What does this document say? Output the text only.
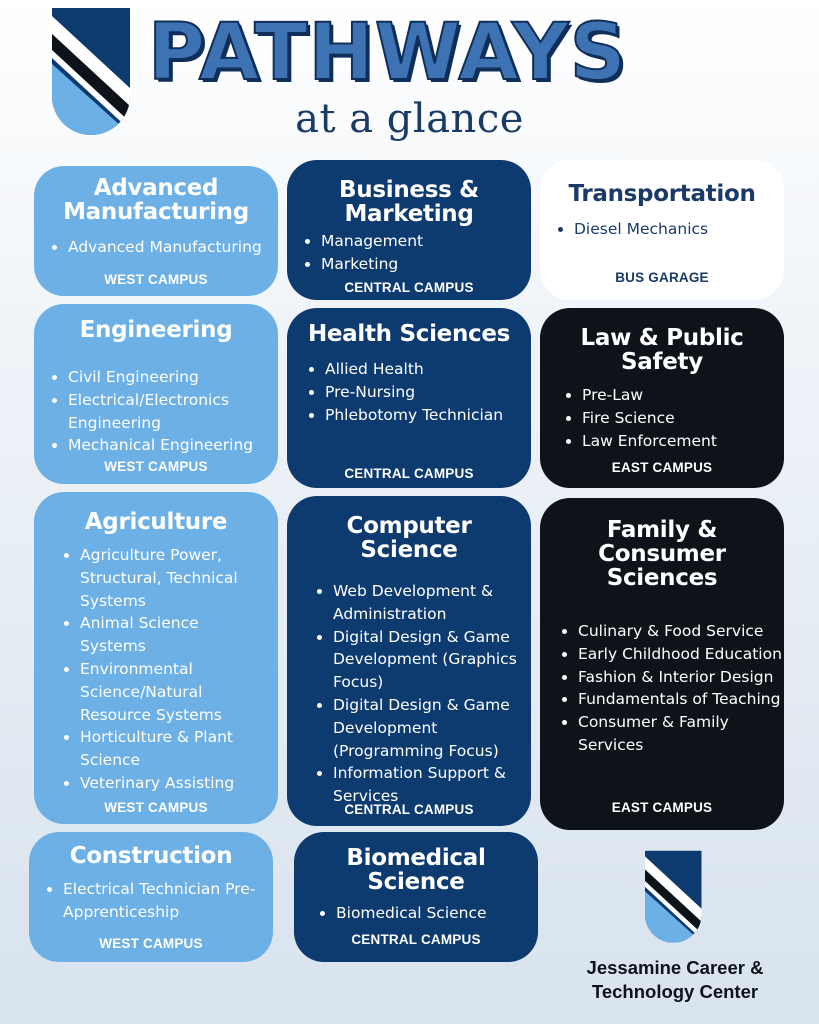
PATHWAYS
at a glance
Advanced Manufacturing
• Advanced Manufacturing
WEST CAMPUS
Business & Marketing
• Management
• Marketing
CENTRAL CAMPUS
Transportation
• Diesel Mechanics
BUS GARAGE
Engineering
• Civil Engineering
• Electrical/Electronics Engineering
• Mechanical Engineering
WEST CAMPUS
Health Sciences
• Allied Health
• Pre-Nursing
• Phlebotomy Technician
CENTRAL CAMPUS
Law & Public Safety
• Pre-Law
• Fire Science
• Law Enforcement
EAST CAMPUS
Agriculture
• Agriculture Power, Structural, Technical Systems
• Animal Science Systems
• Environmental Science/Natural Resource Systems
• Horticulture & Plant Science
• Veterinary Assisting
WEST CAMPUS
Computer Science
• Web Development & Administration
• Digital Design & Game Development (Graphics Focus)
• Digital Design & Game Development (Programming Focus)
• Information Support & Services
CENTRAL CAMPUS
Family & Consumer Sciences
• Culinary & Food Service
• Early Childhood Education
• Fashion & Interior Design
• Fundamentals of Teaching
• Consumer & Family Services
EAST CAMPUS
Construction
• Electrical Technician Pre-Apprenticeship
WEST CAMPUS
Biomedical Science
• Biomedical Science
CENTRAL CAMPUS
Jessamine Career &
Technology Center
